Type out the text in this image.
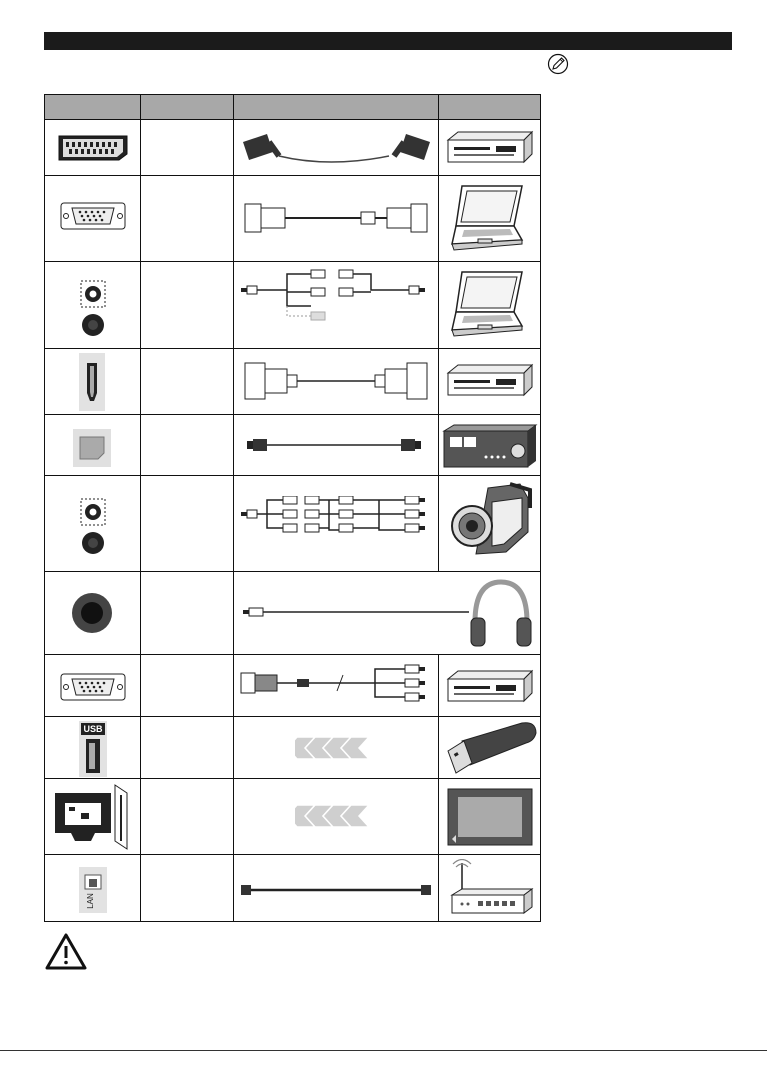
USB
LAN
